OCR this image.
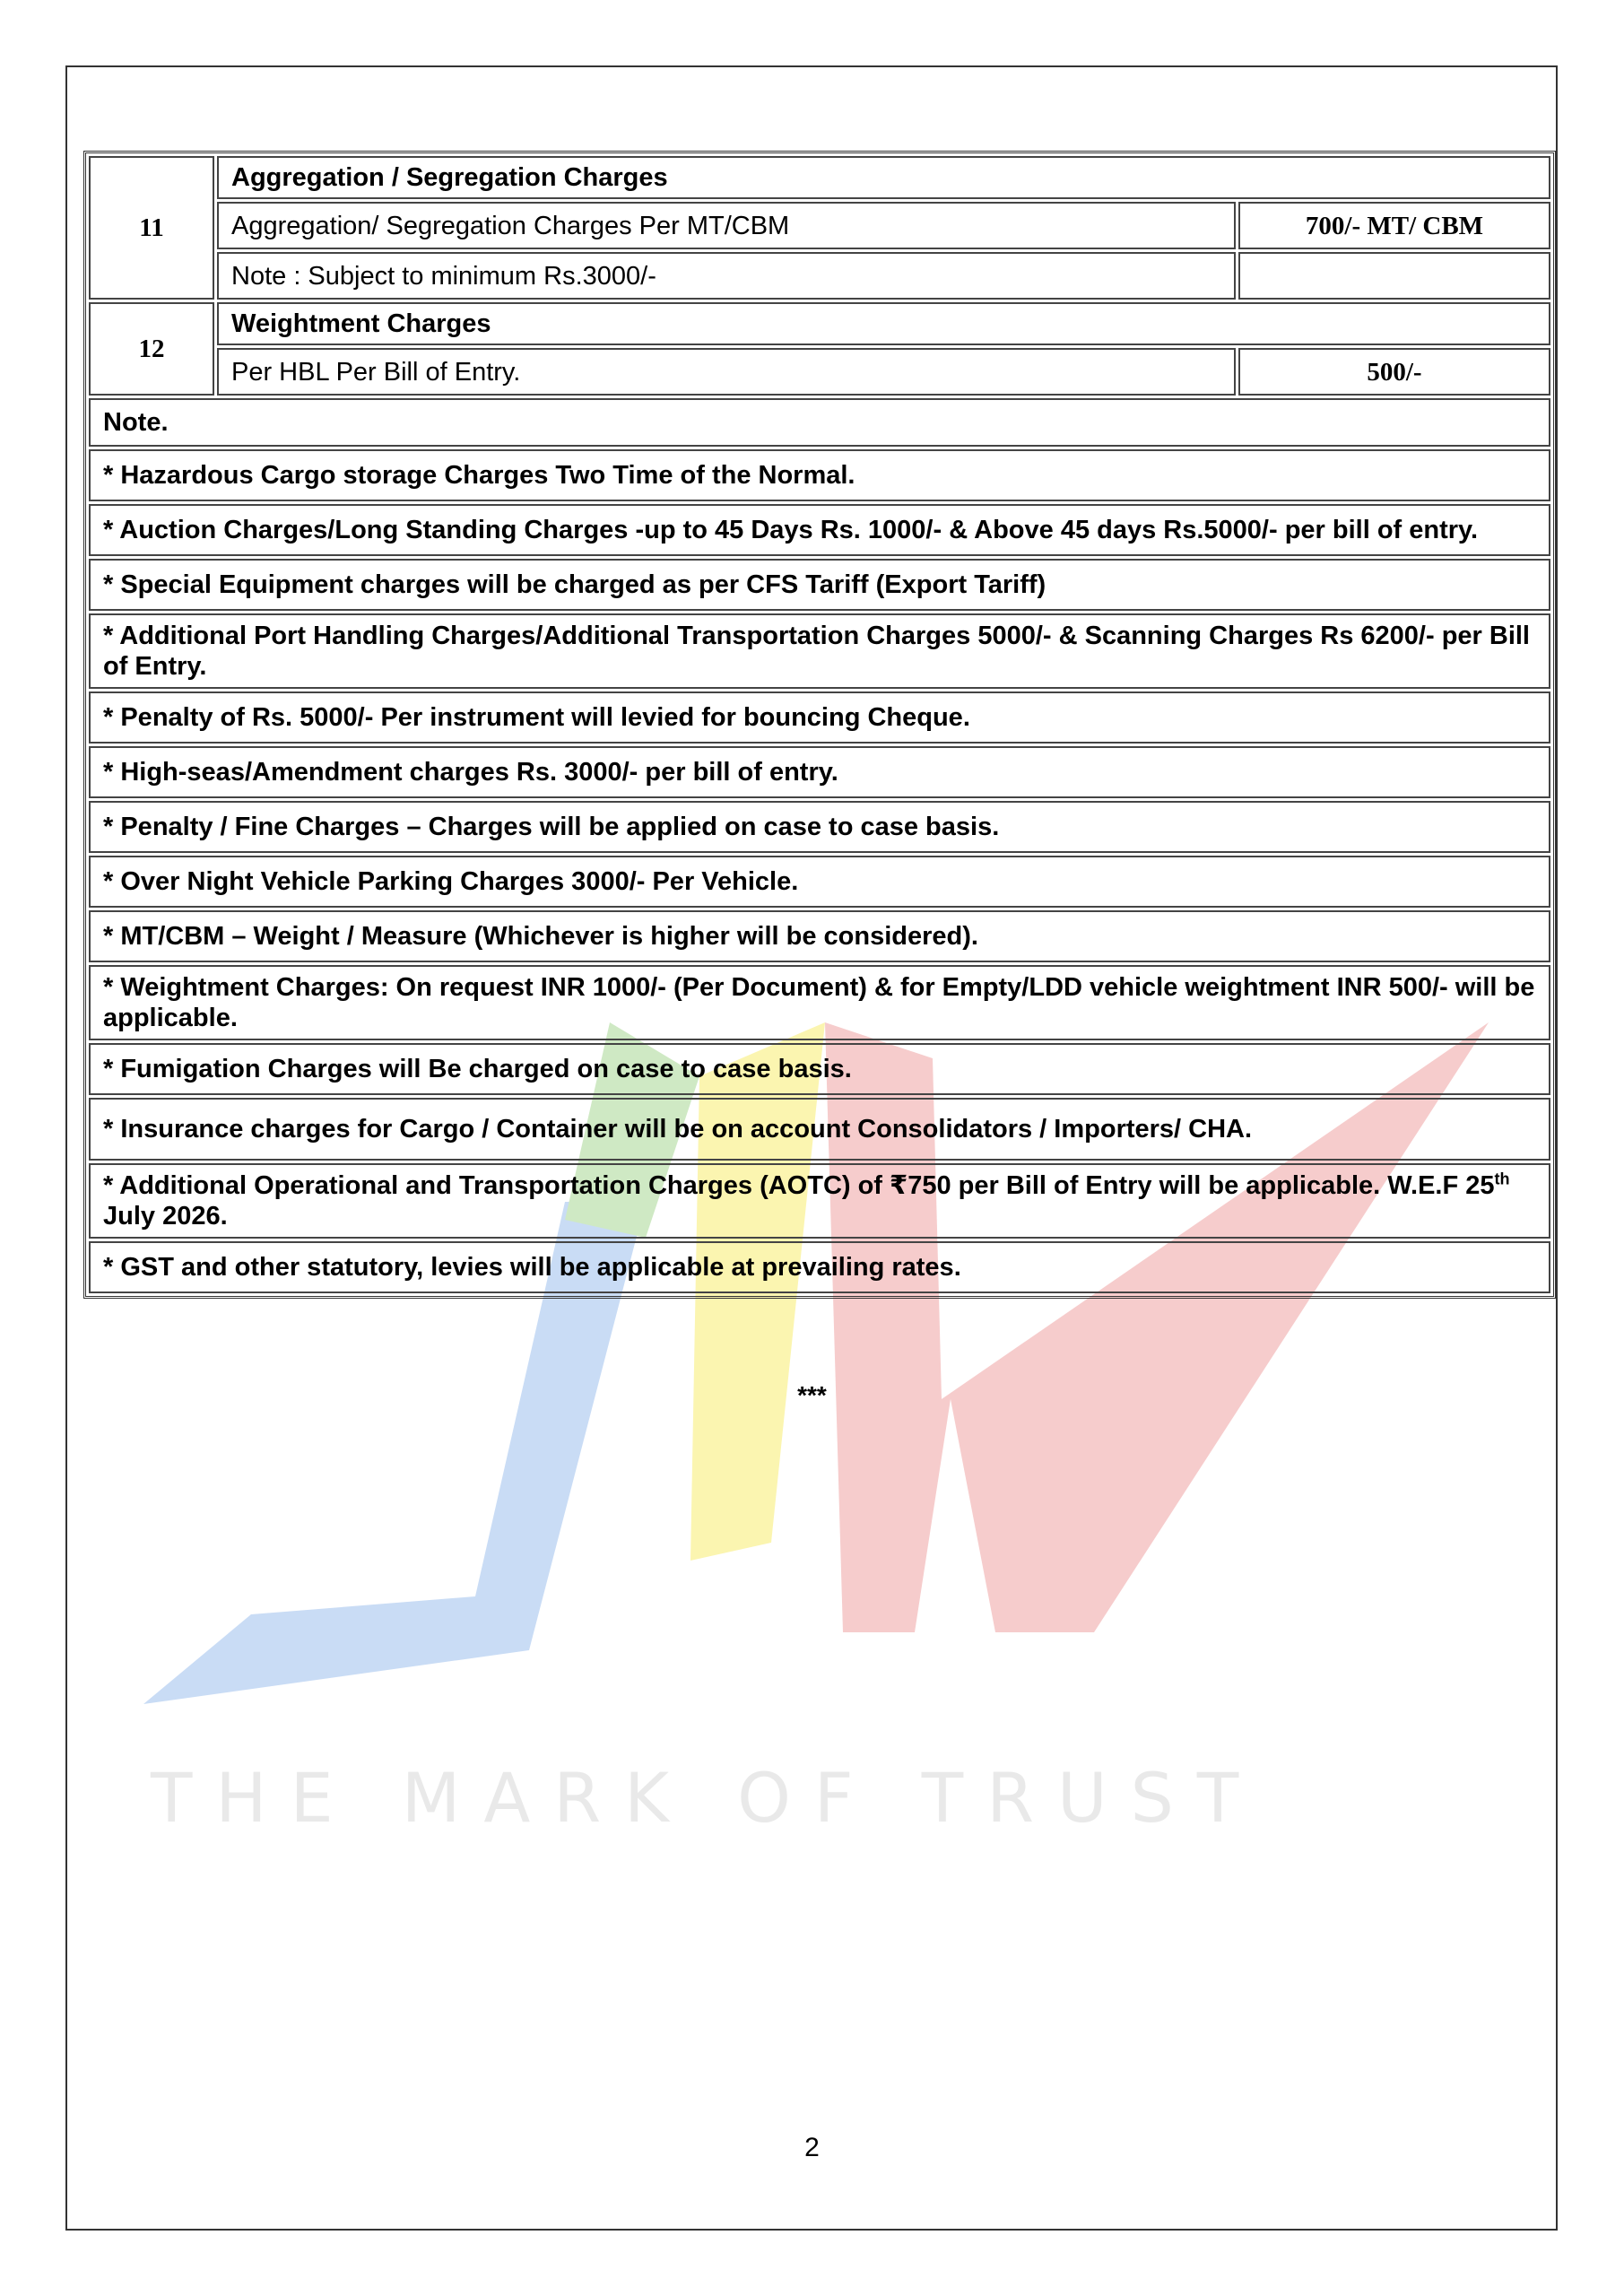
THE MARK OF TRUST
11	Aggregation / Segregation Charges	
	Aggregation/ Segregation Charges Per MT/CBM	700/- MT/ CBM
	Note : Subject to minimum Rs.3000/-	
12	Weightment Charges	
	Per HBL Per Bill of Entry.	500/-
Note.		
* Hazardous Cargo storage Charges Two Time of the Normal.		
* Auction Charges/Long Standing Charges -up to 45 Days Rs. 1000/- & Above 45 days Rs.5000/- per bill of entry.		
* Special Equipment charges will be charged as per CFS Tariff (Export Tariff)		
* Additional Port Handling Charges/Additional Transportation Charges 5000/- & Scanning Charges Rs 6200/- per Bill of Entry.		
* Penalty of Rs. 5000/- Per instrument will levied for bouncing Cheque.		
* High-seas/Amendment charges Rs. 3000/- per bill of entry.		
* Penalty / Fine Charges – Charges will be applied on case to case basis.		
* Over Night Vehicle Parking Charges 3000/- Per Vehicle.		
* MT/CBM – Weight / Measure (Whichever is higher will be considered).		
* Weightment Charges: On request INR 1000/- (Per Document) & for Empty/LDD vehicle weightment INR 500/- will be applicable.		
* Fumigation Charges will Be charged on case to case basis.		
* Insurance charges for Cargo / Container will be on account Consolidators / Importers/ CHA.		
* Additional Operational and Transportation Charges (AOTC) of ₹750 per Bill of Entry will be applicable. W.E.F 25th July 2026.		
* GST and other statutory, levies will be applicable at prevailing rates.		
***
2
